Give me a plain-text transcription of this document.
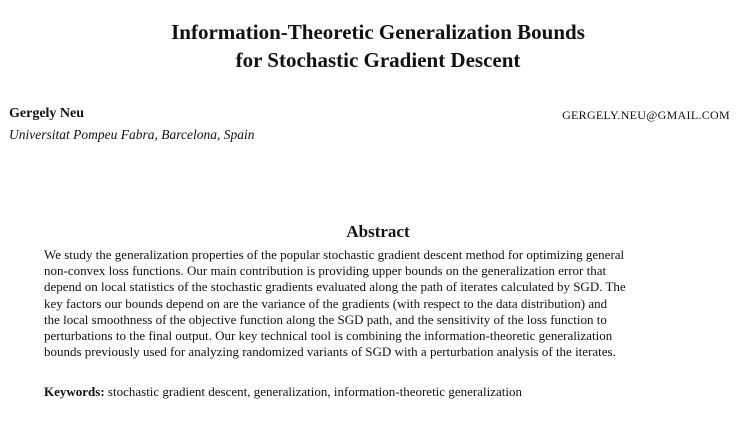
Information-Theoretic Generalization Bounds
for Stochastic Gradient Descent
Gergely Neu	GERGELY.NEU@GMAIL.COM
Universitat Pompeu Fabra, Barcelona, Spain
Abstract
We study the generalization properties of the popular stochastic gradient descent method for optimizing general
non-convex loss functions. Our main contribution is providing upper bounds on the generalization error that
depend on local statistics of the stochastic gradients evaluated along the path of iterates calculated by SGD. The
key factors our bounds depend on are the variance of the gradients (with respect to the data distribution) and
the local smoothness of the objective function along the SGD path, and the sensitivity of the loss function to
perturbations to the final output. Our key technical tool is combining the information-theoretic generalization
bounds previously used for analyzing randomized variants of SGD with a perturbation analysis of the iterates.
Keywords: stochastic gradient descent, generalization, information-theoretic generalization
